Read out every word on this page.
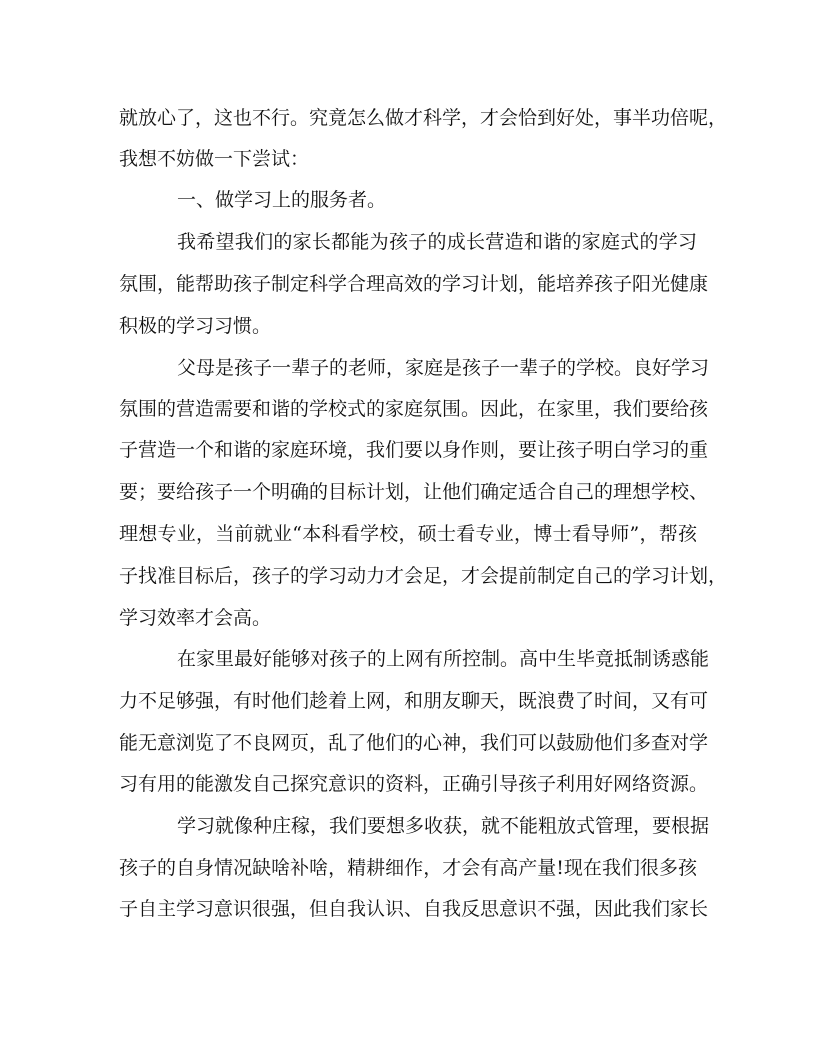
就放心了，这也不行。究竟怎么做才科学，才会恰到好处，事半功倍呢，
我想不妨做一下尝试：
一、做学习上的服务者。
我希望我们的家长都能为孩子的成长营造和谐的家庭式的学习
氛围，能帮助孩子制定科学合理高效的学习计划，能培养孩子阳光健康
积极的学习习惯。
父母是孩子一辈子的老师，家庭是孩子一辈子的学校。良好学习
氛围的营造需要和谐的学校式的家庭氛围。因此，在家里，我们要给孩
子营造一个和谐的家庭环境，我们要以身作则，要让孩子明白学习的重
要；要给孩子一个明确的目标计划，让他们确定适合自己的理想学校、
理想专业，当前就业“本科看学校，硕士看专业，博士看导师”，帮孩
子找准目标后，孩子的学习动力才会足，才会提前制定自己的学习计划，
学习效率才会高。
在家里最好能够对孩子的上网有所控制。高中生毕竟抵制诱惑能
力不足够强，有时他们趁着上网，和朋友聊天，既浪费了时间，又有可
能无意浏览了不良网页，乱了他们的心神，我们可以鼓励他们多查对学
习有用的能激发自己探究意识的资料，正确引导孩子利用好网络资源。
学习就像种庄稼，我们要想多收获，就不能粗放式管理，要根据
孩子的自身情况缺啥补啥，精耕细作，才会有高产量!现在我们很多孩
子自主学习意识很强，但自我认识、自我反思意识不强，因此我们家长
